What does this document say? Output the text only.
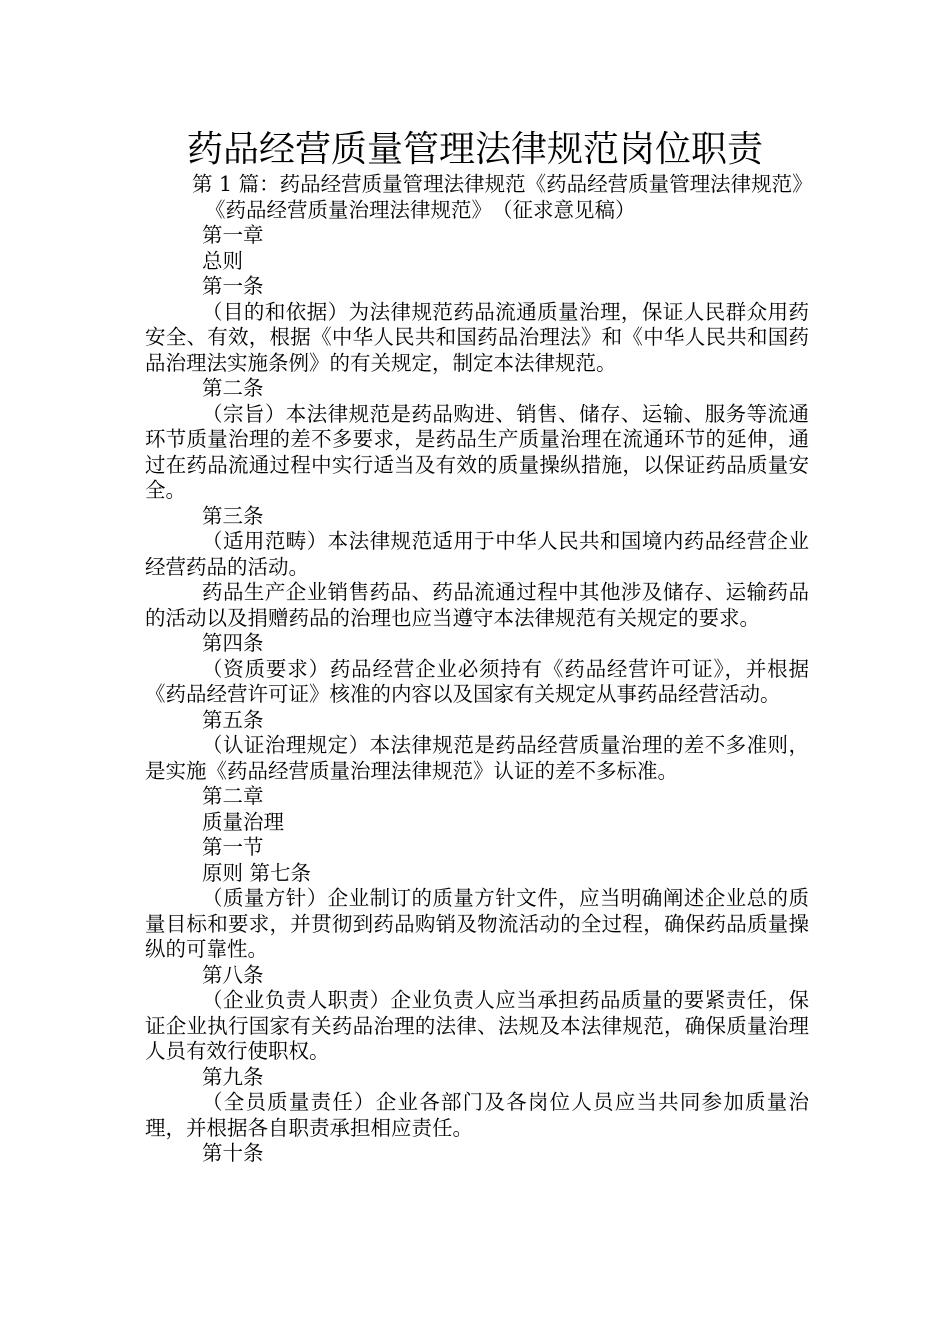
药品经营质量管理法律规范岗位职责

第 1 篇：药品经营质量管理法律规范《药品经营质量管理法律规范》

《药品经营质量治理法律规范》　（征求意见稿）

第一章

总则

第一条

（目的和依据）为法律规范药品流通质量治理，保证人民群众用药安全、有效，根据《中华人民共和国药品治理法》和《中华人民共和国药品治理法实施条例》的有关规定，制定本法律规范。

第二条

（宗旨）本法律规范是药品购进、销售、储存、运输、服务等流通环节质量治理的差不多要求，是药品生产质量治理在流通环节的延伸，通过在药品流通过程中实行适当及有效的质量操纵措施，以保证药品质量安全。

第三条

（适用范畴）本法律规范适用于中华人民共和国境内药品经营企业经营药品的活动。

药品生产企业销售药品、药品流通过程中其他涉及储存、运输药品的活动以及捐赠药品的治理也应当遵守本法律规范有关规定的要求。

第四条

（资质要求）药品经营企业必须持有《药品经营许可证》，并根据《药品经营许可证》核准的内容以及国家有关规定从事药品经营活动。

第五条

（认证治理规定）本法律规范是药品经营质量治理的差不多准则，是实施《药品经营质量治理法律规范》认证的差不多标准。

第二章

质量治理

第一节

原则 第七条

（质量方针）企业制订的质量方针文件，应当明确阐述企业总的质量目标和要求，并贯彻到药品购销及物流活动的全过程，确保药品质量操纵的可靠性。

第八条

（企业负责人职责）企业负责人应当承担药品质量的要紧责任，保证企业执行国家有关药品治理的法律、法规及本法律规范，确保质量治理人员有效行使职权。

第九条

（全员质量责任）企业各部门及各岗位人员应当共同参加质量治理，并根据各自职责承担相应责任。

第十条
